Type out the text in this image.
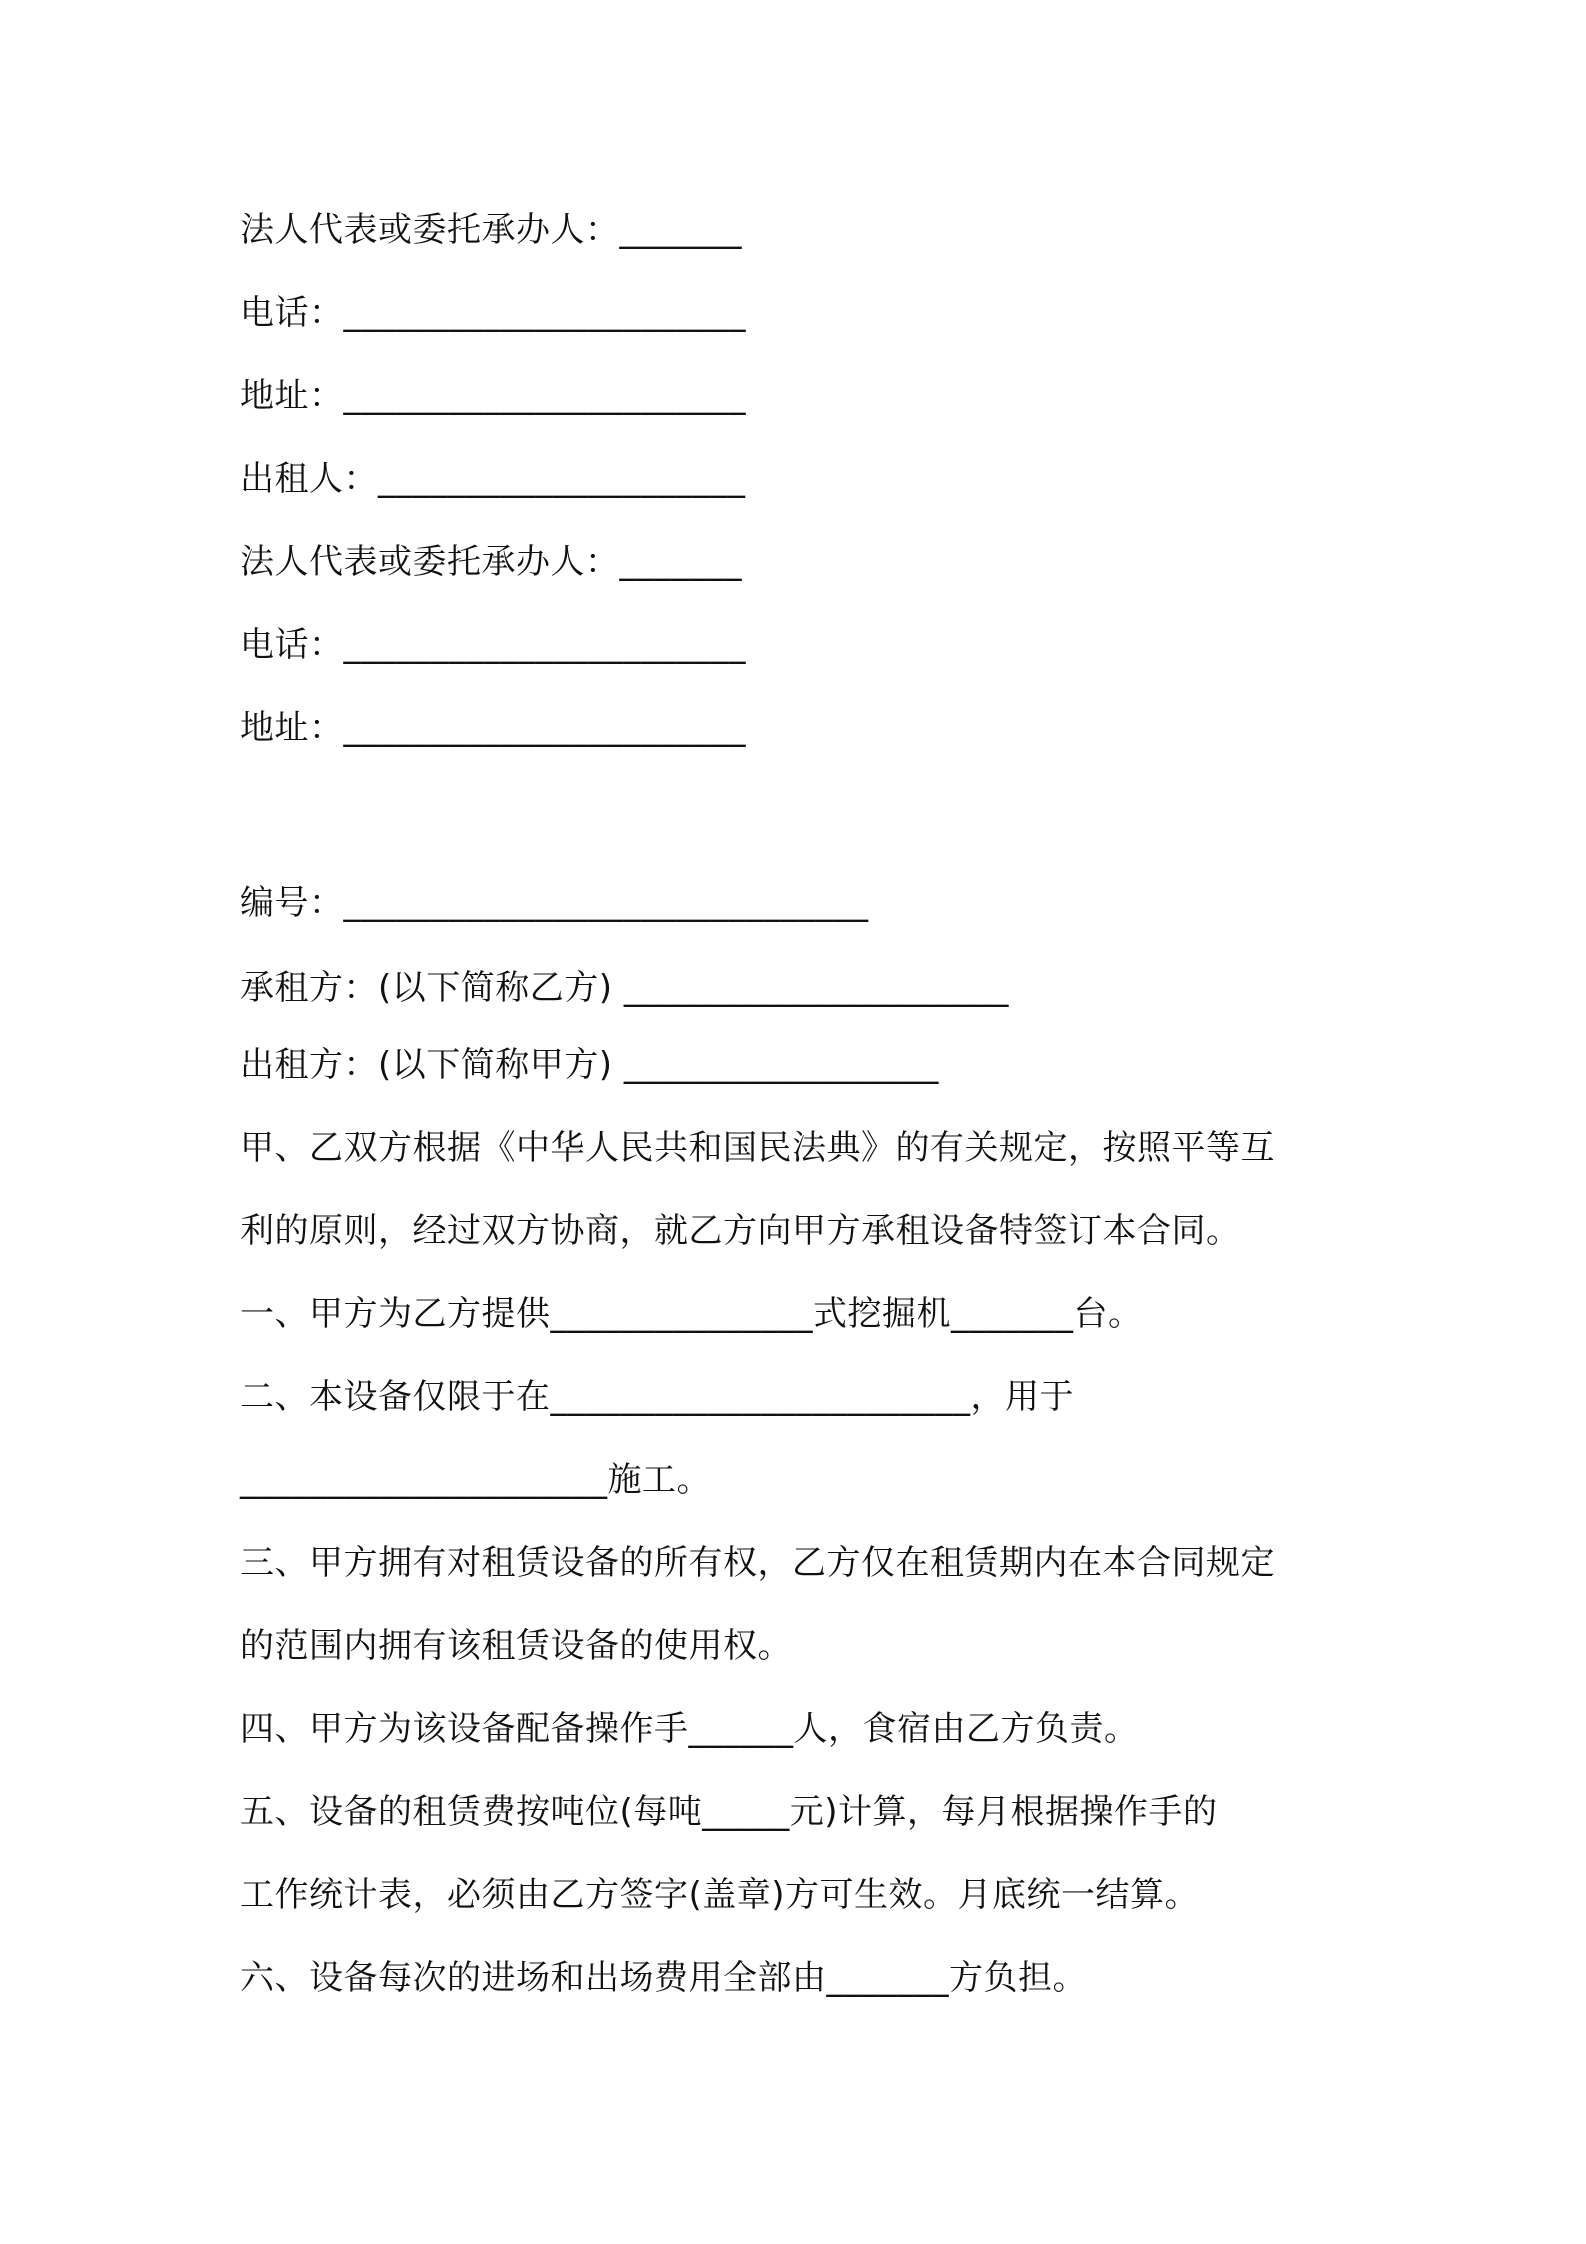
法人代表或委托承办人：_______
电话：_______________________
地址：_______________________
出租人：_____________________
法人代表或委托承办人：_______
电话：_______________________
地址：_______________________
编号：______________________________
承租方：(以下简称乙方) ______________________
出租方：(以下简称甲方) __________________
甲、乙双方根据《中华人民共和国民法典》的有关规定，按照平等互
利的原则，经过双方协商，就乙方向甲方承租设备特签订本合同。
一、甲方为乙方提供_______________式挖掘机_______台。
二、本设备仅限于在________________________，用于
_____________________施工。
三、甲方拥有对租赁设备的所有权，乙方仅在租赁期内在本合同规定
的范围内拥有该租赁设备的使用权。
四、甲方为该设备配备操作手______人，食宿由乙方负责。
五、设备的租赁费按吨位(每吨_____元)计算，每月根据操作手的
工作统计表，必须由乙方签字(盖章)方可生效。月底统一结算。
六、设备每次的进场和出场费用全部由_______方负担。
